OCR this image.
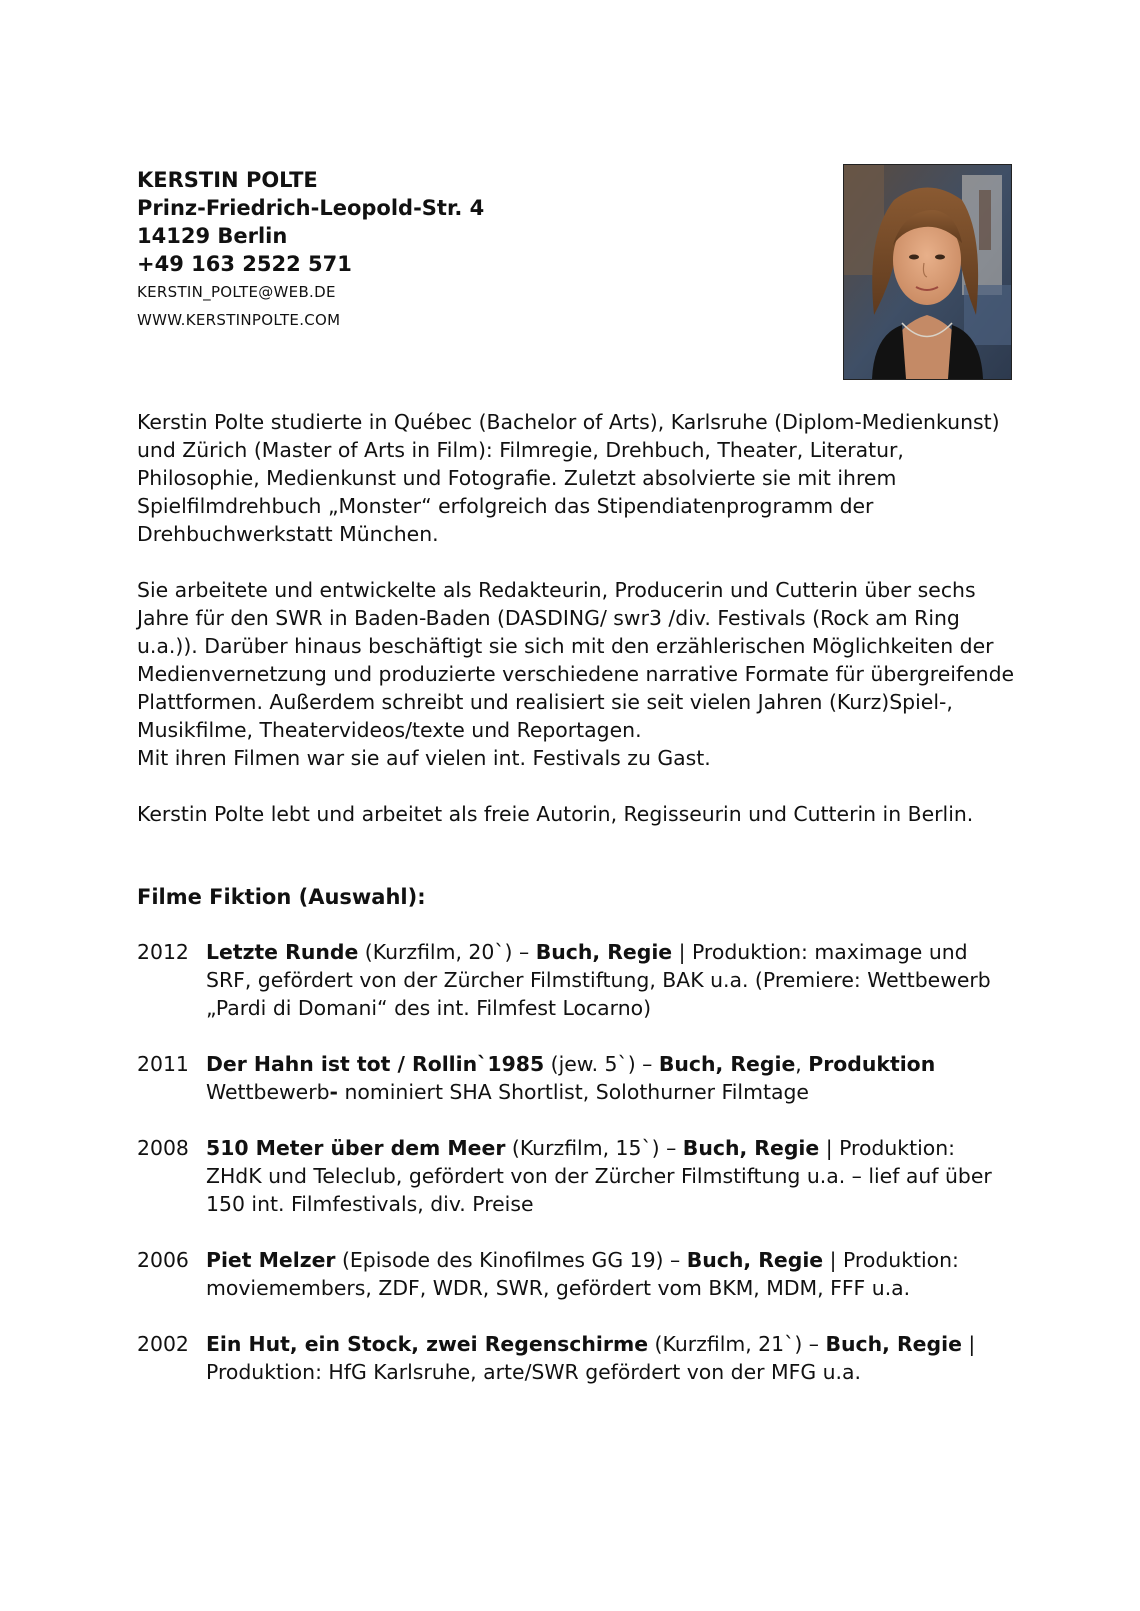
KERSTIN POLTE
Prinz-Friedrich-Leopold-Str. 4
14129 Berlin
+49 163 2522 571
KERSTIN_POLTE@WEB.DE
WWW.KERSTINPOLTE.COM

Kerstin Polte studierte in Québec (Bachelor of Arts), Karlsruhe (Diplom-Medienkunst)
und Zürich (Master of Arts in Film): Filmregie, Drehbuch, Theater, Literatur,
Philosophie, Medienkunst und Fotografie. Zuletzt absolvierte sie mit ihrem
Spielfilmdrehbuch „Monster“ erfolgreich das Stipendiatenprogramm der
Drehbuchwerkstatt München.

Sie arbeitete und entwickelte als Redakteurin, Producerin und Cutterin über sechs
Jahre für den SWR in Baden-Baden (DASDING/ swr3 /div. Festivals (Rock am Ring
u.a.)). Darüber hinaus beschäftigt sie sich mit den erzählerischen Möglichkeiten der
Medienvernetzung und produzierte verschiedene narrative Formate für übergreifende
Plattformen. Außerdem schreibt und realisiert sie seit vielen Jahren (Kurz)Spiel-,
Musikfilme, Theatervideos/texte und Reportagen.
Mit ihren Filmen war sie auf vielen int. Festivals zu Gast.

Kerstin Polte lebt und arbeitet als freie Autorin, Regisseurin und Cutterin in Berlin.

Filme Fiktion (Auswahl):
2012 Letzte Runde (Kurzfilm, 20`) – Buch, Regie | Produktion: maximage und
SRF, gefördert von der Zürcher Filmstiftung, BAK u.a. (Premiere: Wettbewerb
„Pardi di Domani“ des int. Filmfest Locarno)
2011 Der Hahn ist tot / Rollin`1985 (jew. 5`) – Buch, Regie, Produktion
Wettbewerb- nominiert SHA Shortlist, Solothurner Filmtage
2008 510 Meter über dem Meer (Kurzfilm, 15`) – Buch, Regie | Produktion:
ZHdK und Teleclub, gefördert von der Zürcher Filmstiftung u.a. – lief auf über
150 int. Filmfestivals, div. Preise
2006 Piet Melzer (Episode des Kinofilmes GG 19) – Buch, Regie | Produktion:
moviemembers, ZDF, WDR, SWR, gefördert vom BKM, MDM, FFF u.a.
2002 Ein Hut, ein Stock, zwei Regenschirme (Kurzfilm, 21`) – Buch, Regie |
Produktion: HfG Karlsruhe, arte/SWR gefördert von der MFG u.a.
